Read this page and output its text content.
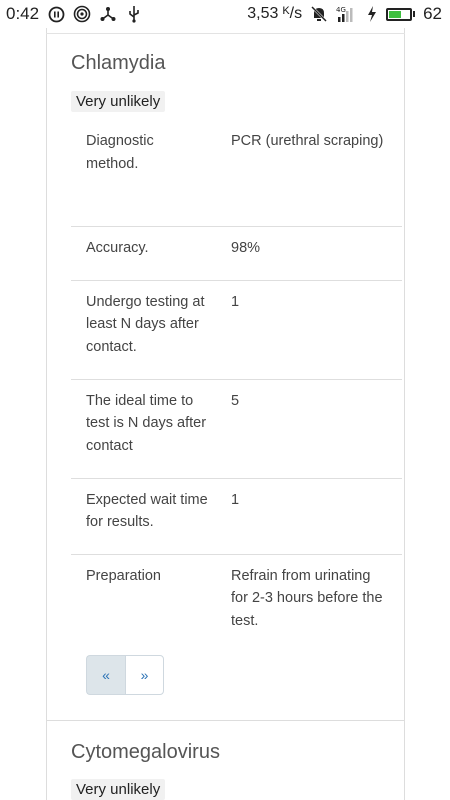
0:42	3,53 ᴷ/s	4G	62
Chlamydia
Very unlikely
Diagnostic method.	PCR (urethral scraping)
Accuracy.	98%
Undergo testing at least N days after contact.	1
The ideal time to test is N days after contact	5
Expected wait time for results.	1
Preparation	Refrain from urinating for 2-3 hours before the test.
«	»
Cytomegalovirus
Very unlikely
